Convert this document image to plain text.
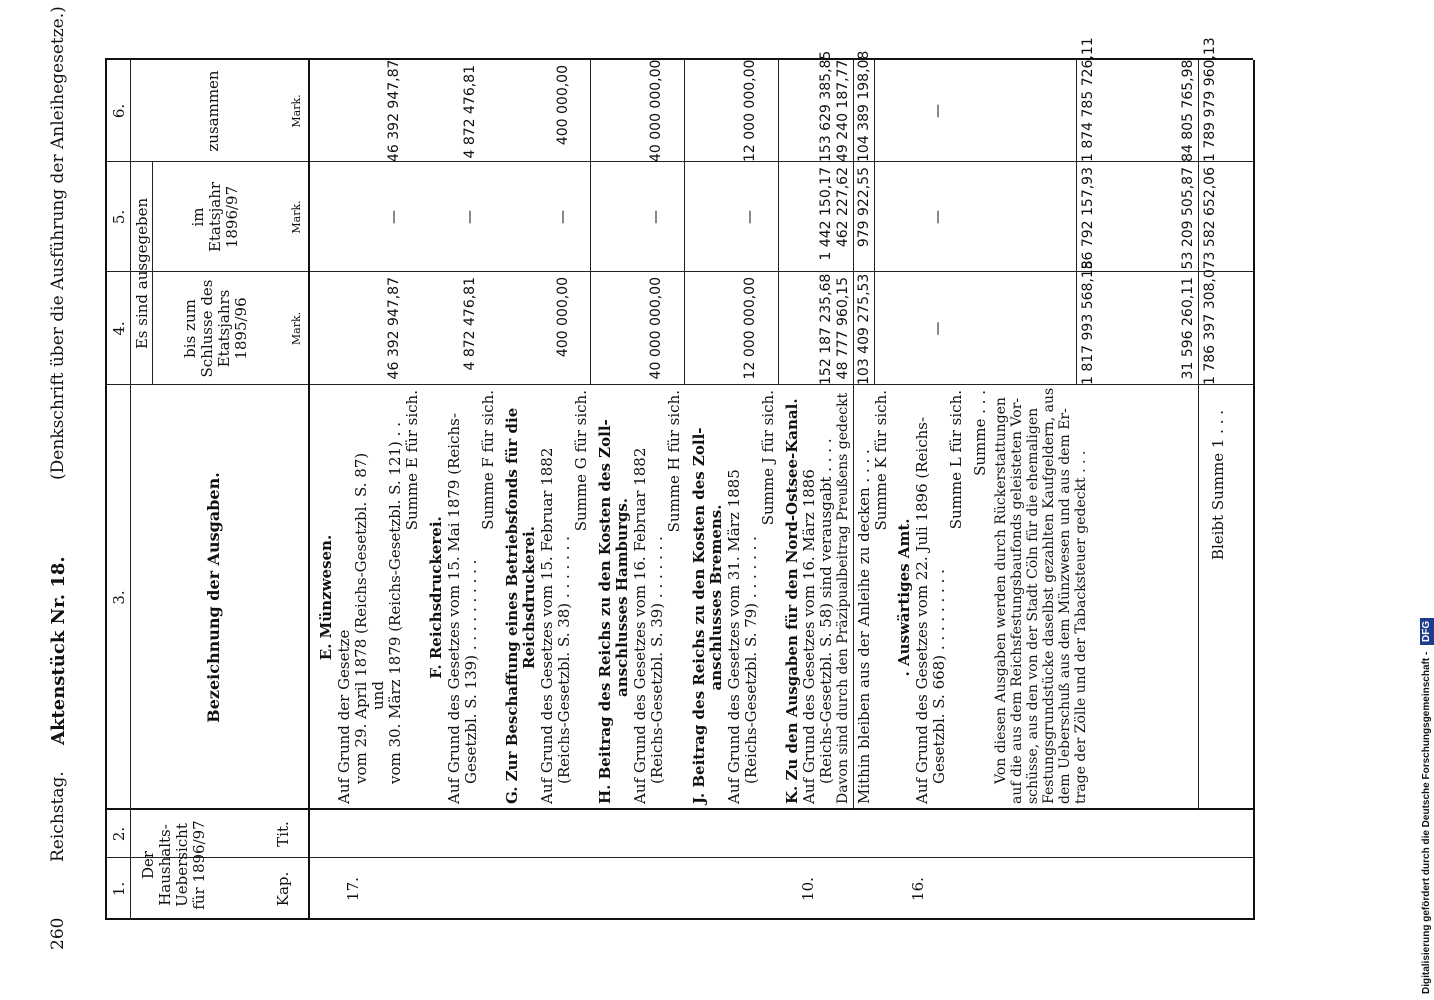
260
Reichstag.
Aktenstück Nr. 18.
(Denkschrift über die Ausführung der Anleihegesetze.)
1.
2.
3.
4.
5.
6.
Der Haushalts- Uebersicht für 1896/97	Kap.
Tit.
Bezeichnung der Ausgaben.
Es sind ausgegeben bis zum Schlusse des Etatsjahrs 1895/96
im Etatsjahr 1896/97
zusammen
Mark.
Mark.
Mark.
17.
E. Münzwesen.
Auf Grund der Gesetze vom 29. April 1878 (Reichs-Gesetzbl. S. 87) und vom 30. März 1879 (Reichs-Gesetzbl. S. 121) . . Summe E für sich.
46 392 947,87
—
46 392 947,87
F. Reichsdruckerei. Auf Grund des Gesetzes vom 15. Mai 1879 (Reichs- Gesetzbl. S. 139) . . . . . . . . . .
Summe F für sich.
4 872 476,81
—
4 872 476,81
G. Zur Beschaffung eines Betriebsfonds für die Reichsdruckerei. Auf Grund des Gesetzes vom 15. Februar 1882 (Reichs-Gesetzbl. S. 38) . . . . . . .
Summe G für sich.
400 000,00
—
400 000,00
H. Beitrag des Reichs zu den Kosten des Zoll- anschlusses Hamburgs. Auf Grund des Gesetzes vom 16. Februar 1882 (Reichs-Gesetzbl. S. 39) . . . . . . .
Summe H für sich.
40 000 000,00
—
40 000 000,00
J. Beitrag des Reichs zu den Kosten des Zoll- anschlusses Bremens. Auf Grund des Gesetzes vom 31. März 1885 (Reichs-Gesetzbl. S. 79) . . . . . . .
Summe J für sich.
12 000 000,00
—
12 000 000,00
10.
K. Zu den Ausgaben für den Nord-Ostsee-Kanal. Auf Grund des Gesetzes vom 16. März 1886 (Reichs-Gesetzbl. S. 58) sind verausgabt . . . . Davon sind durch den Präzipualbeitrag Preußens gedeckt
152 187 235,68
1 442 150,17
153 629 385,85
48 777 960,15
462 227,62
49 240 187,77
Mithin bleiben aus der Anleihe zu decken . . . .
103 409 275,53
979 922,55
104 389 198,08
Summe K für sich.
16.
. Auswärtiges Amt. Auf Grund des Gesetzes vom 22. Juli 1896 (Reichs- Gesetzbl. S. 668) . . . . . . . . .
Summe L für sich.
—
—
—
Summe . . .
1 817 993 568,18
56 792 157,93
1 874 785 726,11
Von diesen Ausgaben werden durch Rückerstattungen auf die aus dem Reichsfestungsbaufonds geleisteten Vor- schüsse, aus den von der Stadt Cöln für die ehemaligen Festungsgrundstücke daselbst gezahlten Kaufgeldern, aus dem Ueberschuß aus dem Münzwesen und aus dem Er- trage der Zölle und der Tabacksteuer gedeckt . . .
31 596 260,11
53 209 505,87
84 805 765,98
Bleibt Summe 1 . . .
1 786 397 308,07
3 582 652,06
1 789 979 960,13
Digitalisierung gefördert durch die Deutsche Forschungsgemeinschaft - DFG
